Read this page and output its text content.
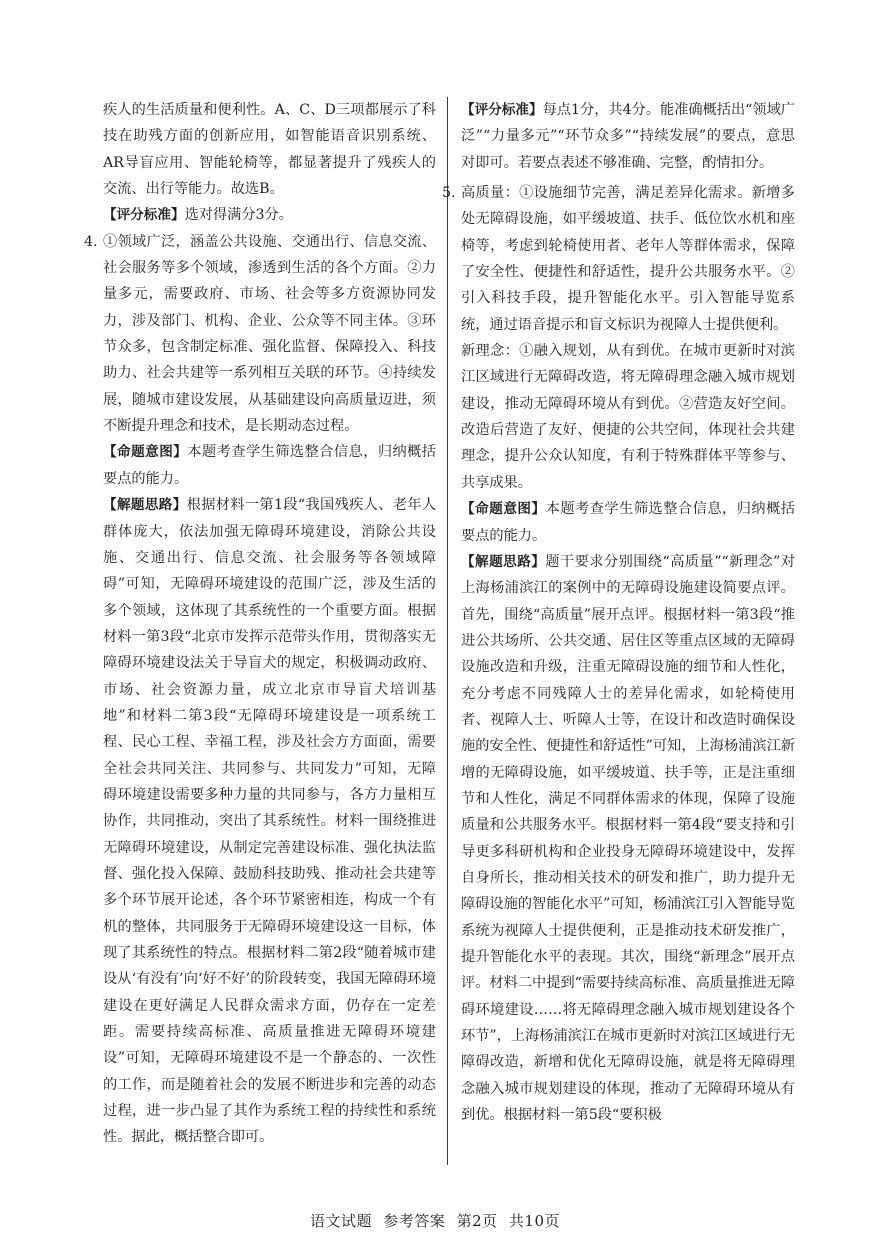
疾人的生活质量和便利性。A、C、D三项都展示了科技在助残方面的创新应用，如智能语音识别系统、AR导盲应用、智能轮椅等，都显著提升了残疾人的交流、出行等能力。故选B。

【评分标准】选对得满分3分。

4. ①领域广泛，涵盖公共设施、交通出行、信息交流、社会服务等多个领域，渗透到生活的各个方面。②力量多元，需要政府、市场、社会等多方资源协同发力，涉及部门、机构、企业、公众等不同主体。③环节众多，包含制定标准、强化监督、保障投入、科技助力、社会共建等一系列相互关联的环节。④持续发展，随城市建设发展，从基础建设向高质量迈进，须不断提升理念和技术，是长期动态过程。

【命题意图】本题考查学生筛选整合信息，归纳概括要点的能力。

【解题思路】根据材料一第1段“我国残疾人、老年人群体庞大，依法加强无障碍环境建设，消除公共设施、交通出行、信息交流、社会服务等各领域障碍”可知，无障碍环境建设的范围广泛，涉及生活的多个领域，这体现了其系统性的一个重要方面。根据材料一第3段“北京市发挥示范带头作用，贯彻落实无障碍环境建设法关于导盲犬的规定，积极调动政府、市场、社会资源力量，成立北京市导盲犬培训基地”和材料二第3段“无障碍环境建设是一项系统工程、民心工程、幸福工程，涉及社会方方面面，需要全社会共同关注、共同参与、共同发力”可知，无障碍环境建设需要多种力量的共同参与，各方力量相互协作，共同推动，突出了其系统性。材料一围绕推进无障碍环境建设，从制定完善建设标准、强化执法监督、强化投入保障、鼓励科技助残、推动社会共建等多个环节展开论述，各个环节紧密相连，构成一个有机的整体，共同服务于无障碍环境建设这一目标，体现了其系统性的特点。根据材料二第2段“随着城市建设从‘有没有’向‘好不好’的阶段转变，我国无障碍环境建设在更好满足人民群众需求方面，仍存在一定差距。需要持续高标准、高质量推进无障碍环境建设”可知，无障碍环境建设不是一个静态的、一次性的工作，而是随着社会的发展不断进步和完善的动态过程，进一步凸显了其作为系统工程的持续性和系统性。据此，概括整合即可。

【评分标准】每点1分，共4分。能准确概括出“领域广泛”“力量多元”“环节众多”“持续发展”的要点，意思对即可。若要点表述不够准确、完整，酌情扣分。

5. 高质量：①设施细节完善，满足差异化需求。新增多处无障碍设施，如平缓坡道、扶手、低位饮水机和座椅等，考虑到轮椅使用者、老年人等群体需求，保障了安全性、便捷性和舒适性，提升公共服务水平。②引入科技手段，提升智能化水平。引入智能导览系统，通过语音提示和盲文标识为视障人士提供便利。

新理念：①融入规划，从有到优。在城市更新时对滨江区域进行无障碍改造，将无障碍理念融入城市规划建设，推动无障碍环境从有到优。②营造友好空间。改造后营造了友好、便捷的公共空间，体现社会共建理念，提升公众认知度，有利于特殊群体平等参与、共享成果。

【命题意图】本题考查学生筛选整合信息，归纳概括要点的能力。

【解题思路】题干要求分别围绕“高质量”“新理念”对上海杨浦滨江的案例中的无障碍设施建设简要点评。首先，围绕“高质量”展开点评。根据材料一第3段“推进公共场所、公共交通、居住区等重点区域的无障碍设施改造和升级，注重无障碍设施的细节和人性化，充分考虑不同残障人士的差异化需求，如轮椅使用者、视障人士、听障人士等，在设计和改造时确保设施的安全性、便捷性和舒适性”可知，上海杨浦滨江新增的无障碍设施，如平缓坡道、扶手等，正是注重细节和人性化，满足不同群体需求的体现，保障了设施质量和公共服务水平。根据材料一第4段“要支持和引导更多科研机构和企业投身无障碍环境建设中，发挥自身所长，推动相关技术的研发和推广，助力提升无障碍设施的智能化水平”可知，杨浦滨江引入智能导览系统为视障人士提供便利，正是推动技术研发推广，提升智能化水平的表现。其次，围绕“新理念”展开点评。材料二中提到“需要持续高标准、高质量推进无障碍环境建设……将无障碍理念融入城市规划建设各个环节”，上海杨浦滨江在城市更新时对滨江区域进行无障碍改造，新增和优化无障碍设施，就是将无障碍理念融入城市规划建设的体现，推动了无障碍环境从有到优。根据材料一第5段“要积极

语文试题 参考答案 第2页 共10页
